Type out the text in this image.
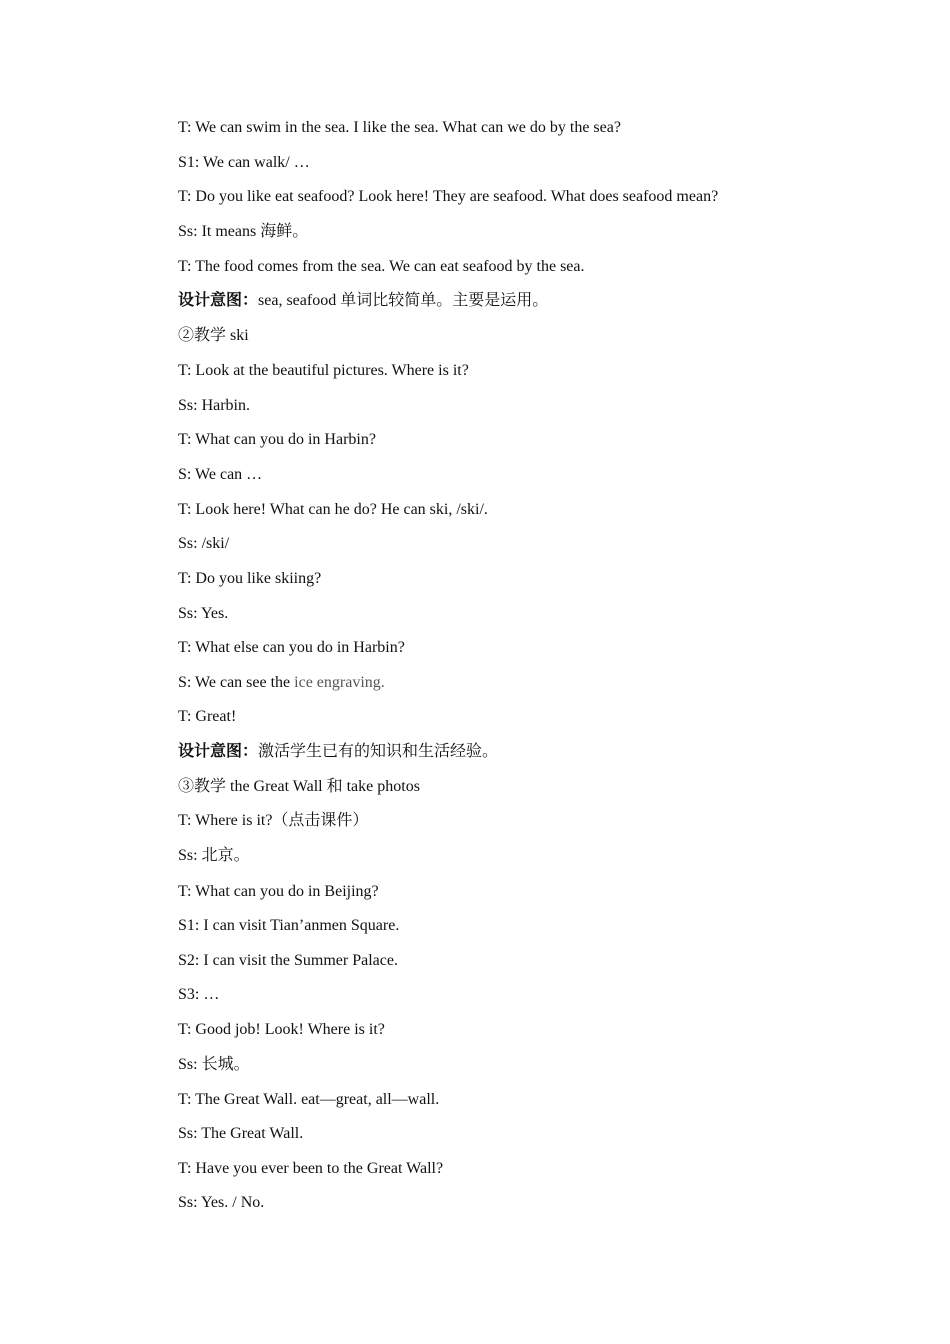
T: We can swim in the sea. I like the sea. What can we do by the sea?
S1: We can walk/ …
T: Do you like eat seafood? Look here! They are seafood. What does seafood mean?
Ss: It means 海鲜。
T: The food comes from the sea. We can eat seafood by the sea.
设计意图：sea, seafood 单词比较简单。主要是运用。
②教学 ski
T: Look at the beautiful pictures. Where is it?
Ss: Harbin.
T: What can you do in Harbin?
S: We can …
T: Look here! What can he do? He can ski, /ski/.
Ss: /ski/
T: Do you like skiing?
Ss: Yes.
T: What else can you do in Harbin?
S: We can see the ice engraving.
T: Great!
设计意图：激活学生已有的知识和生活经验。
③教学 the Great Wall 和 take photos
T: Where is it?（点击课件）
Ss: 北京。
T: What can you do in Beijing?
S1: I can visit Tian’anmen Square.
S2: I can visit the Summer Palace.
S3: …
T: Good job! Look! Where is it?
Ss: 长城。
T: The Great Wall. eat—great, all—wall.
Ss: The Great Wall.
T: Have you ever been to the Great Wall?
Ss: Yes. / No.
